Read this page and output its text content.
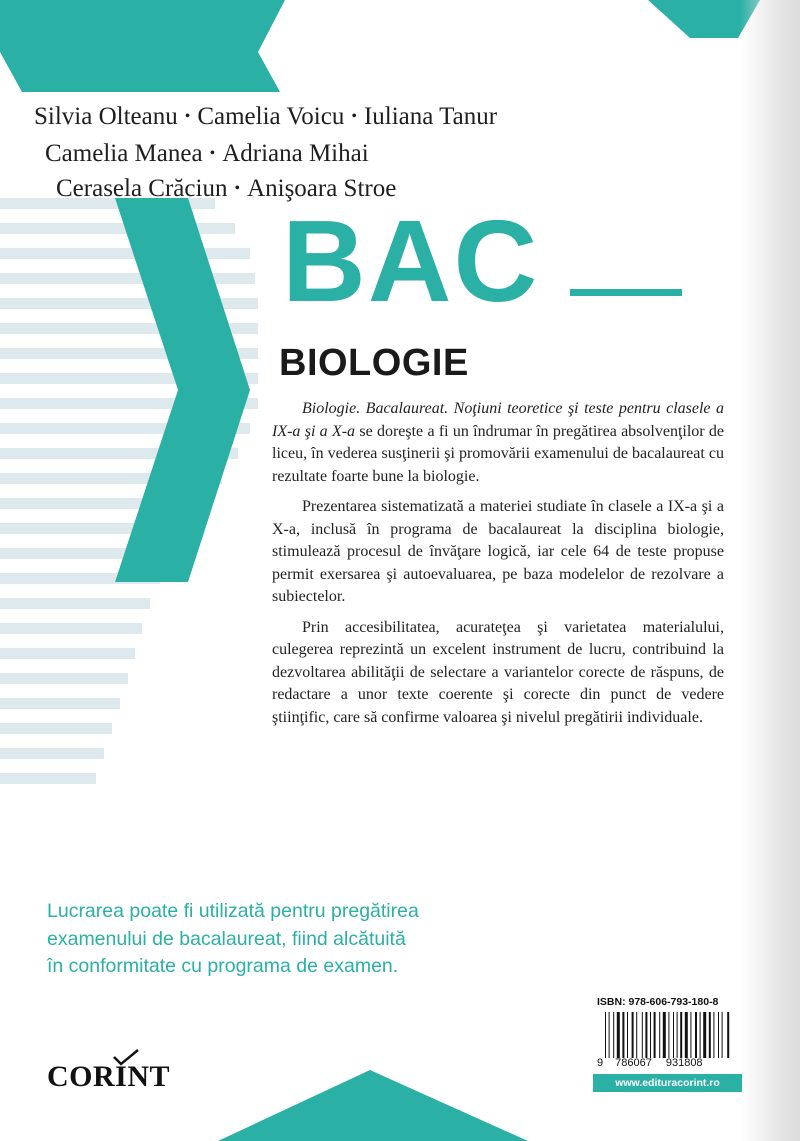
Silvia Olteanu • Camelia Voicu • Iuliana Tanur
Camelia Manea • Adriana Mihai
Cerasela Crăciun • Anişoara Stroe
BAC
BIOLOGIE

Biologie. Bacalaureat. Noţiuni teoretice şi teste pentru clasele a IX-a şi a X-a se doreşte a fi un îndrumar în pregătirea absolvenţilor de liceu, în vederea susţinerii şi promovării examenului de bacalaureat cu rezultate foarte bune la biologie.

Prezentarea sistematizată a materiei studiate în clasele a IX-a şi a X-a, inclusă în programa de bacalaureat la disciplina biologie, stimulează procesul de învăţare logică, iar cele 64 de teste propuse permit exersarea şi autoevaluarea, pe baza modelelor de rezolvare a subiectelor.

Prin accesibilitatea, acurateţea şi varietatea materialului, culegerea reprezintă un excelent instrument de lucru, contribuind la dezvoltarea abilităţii de selectare a variantelor corecte de răspuns, de redactare a unor texte coerente şi corecte din punct de vedere ştiinţific, care să confirme valoarea şi nivelul pregătirii individuale.

Lucrarea poate fi utilizată pentru pregătirea
examenului de bacalaureat, fiind alcătuită
în conformitate cu programa de examen.
CORINT
ISBN: 978-606-793-180-8
9 786067 931808
www.edituracorint.ro
